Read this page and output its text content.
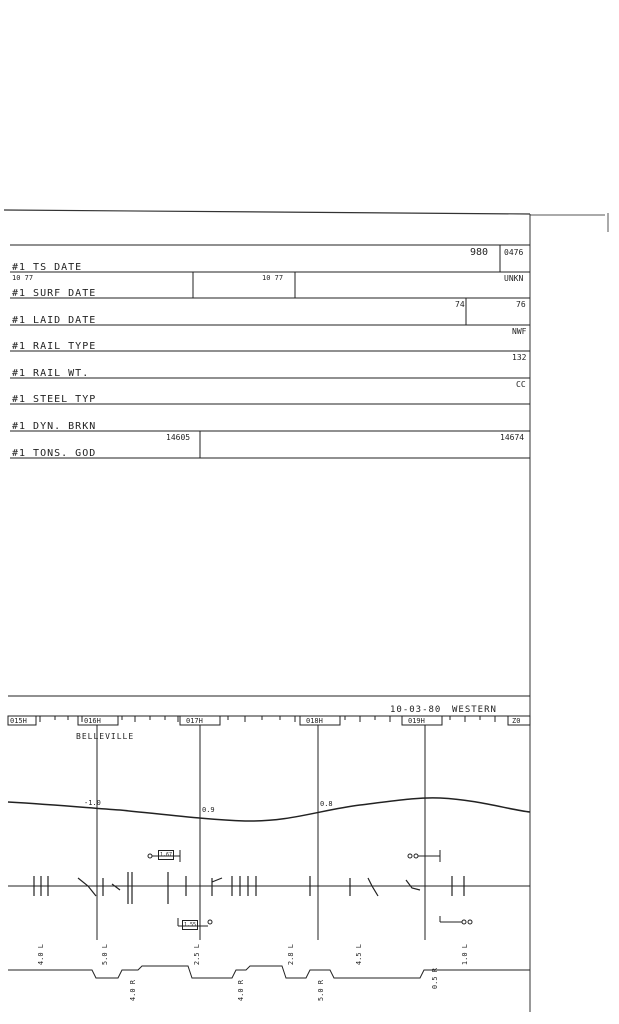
#1 TS DATE
980 0476
#1 SURF DATE
10 77	10 77	UNKN
#1 LAID DATE
74	76
#1 RAIL TYPE
NWF
#1 RAIL WT.
132
#1 STEEL TYP
CC
#1 DYN. BRKN
#1 TONS. GOD
14605	14674
10-03-80 WESTERN
015H	016H	017H	018H	019H	Z0
BELLEVILLE
-1.0
0.9
0.8
1.67
1.55
4.0 L	5.0 L	2.5 L	2.8 L	4.5 L	1.0 L
4.0 R	4.0 R	5.0 R
0.5 R
